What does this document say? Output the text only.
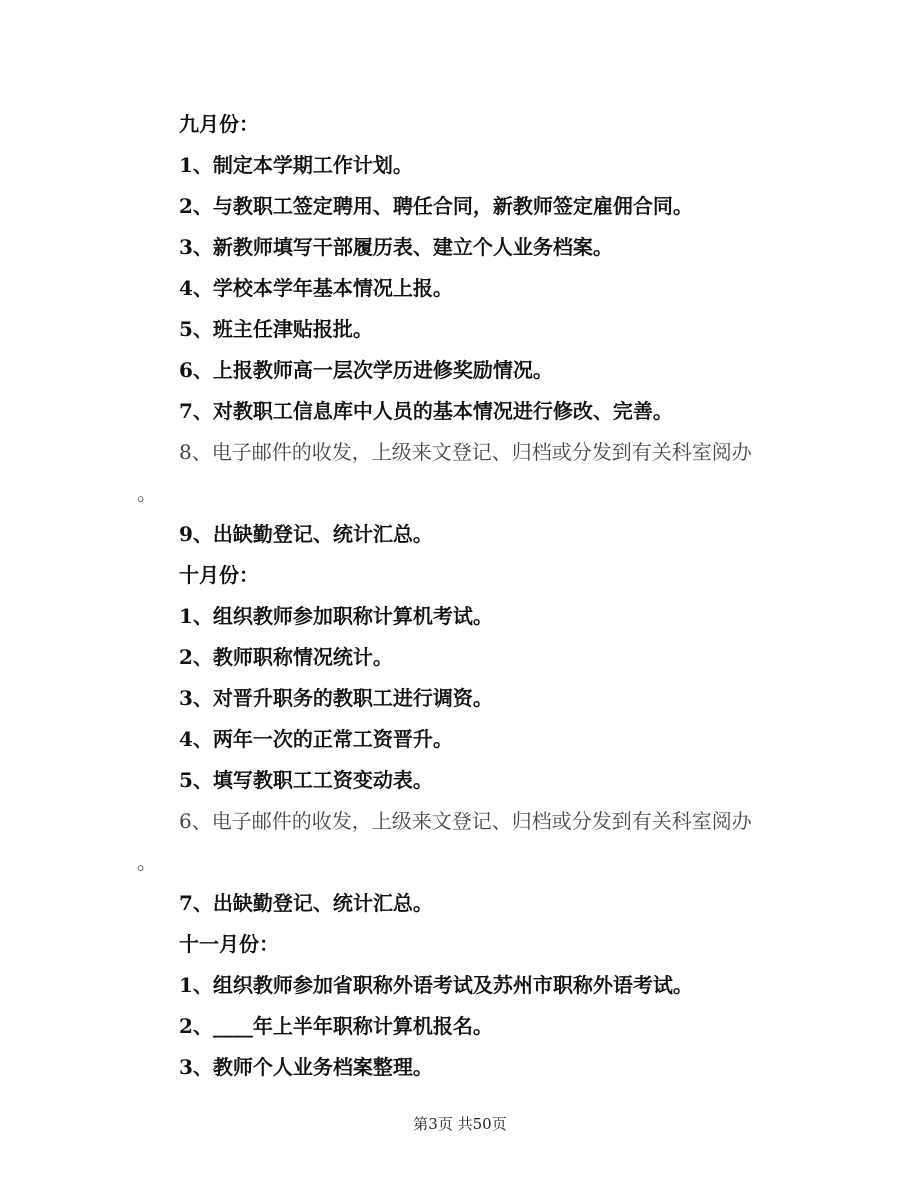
九月份：
1、制定本学期工作计划。
2、与教职工签定聘用、聘任合同，新教师签定雇佣合同。
3、新教师填写干部履历表、建立个人业务档案。
4、学校本学年基本情况上报。
5、班主任津贴报批。
6、上报教师高一层次学历进修奖励情况。
7、对教职工信息库中人员的基本情况进行修改、完善。
8、电子邮件的收发，上级来文登记、归档或分发到有关科室阅办
。
9、出缺勤登记、统计汇总。
十月份：
1、组织教师参加职称计算机考试。
2、教师职称情况统计。
3、对晋升职务的教职工进行调资。
4、两年一次的正常工资晋升。
5、填写教职工工资变动表。
6、电子邮件的收发，上级来文登记、归档或分发到有关科室阅办
。
7、出缺勤登记、统计汇总。
十一月份：
1、组织教师参加省职称外语考试及苏州市职称外语考试。
2、____年上半年职称计算机报名。
3、教师个人业务档案整理。
第3页 共50页
